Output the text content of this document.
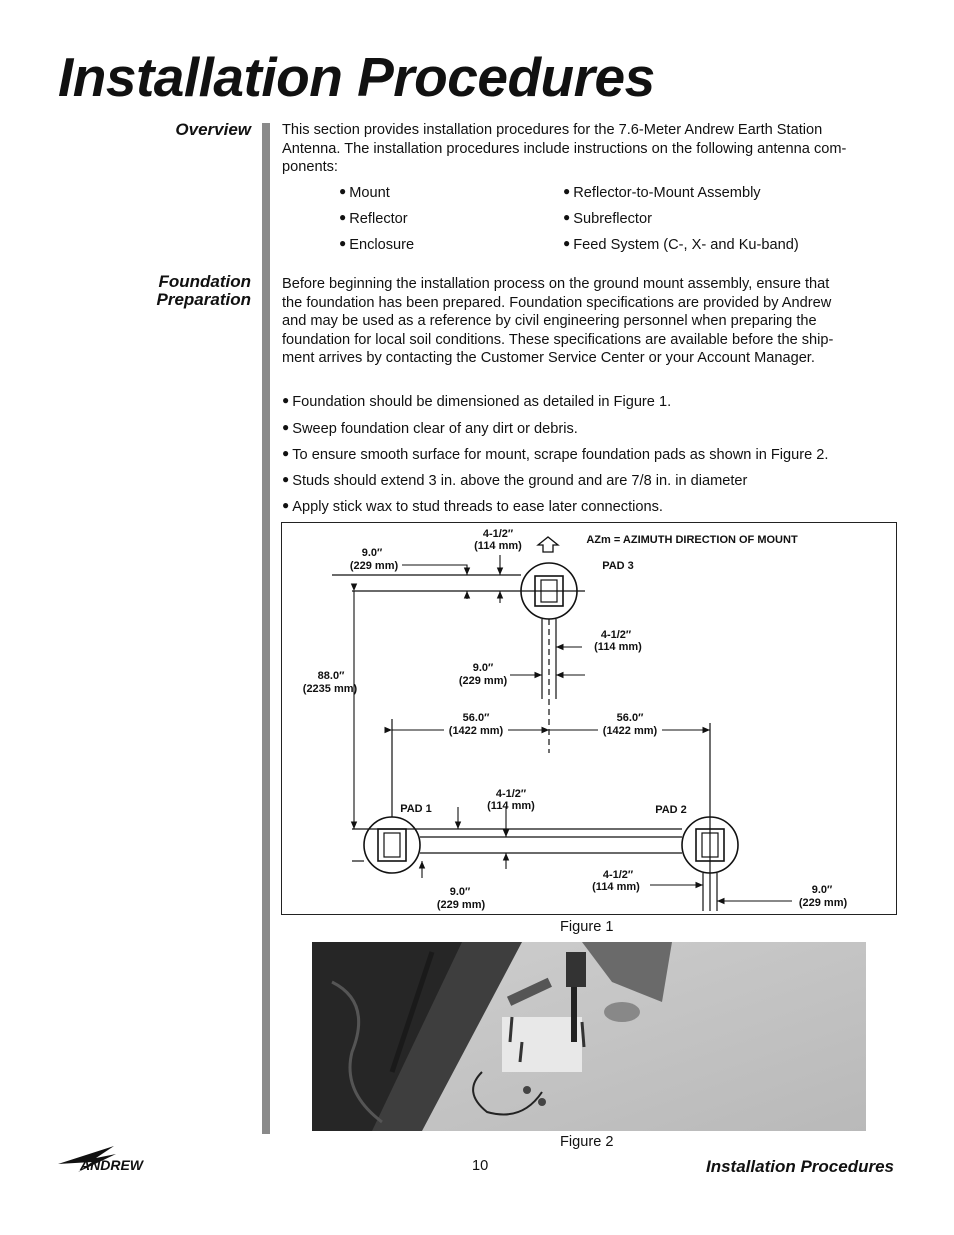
Installation Procedures
Overview This section provides installation procedures for the 7.6-Meter Andrew Earth Station
Antenna. The installation procedures include instructions on the following antenna com-
ponents:
● Mount
● Reflector
● Enclosure
● Reflector-to-Mount Assembly
● Subreflector
● Feed System (C-, X- and Ku-band)
Foundation
Preparation
Before beginning the installation process on the ground mount assembly, ensure that
the foundation has been prepared. Foundation specifications are provided by Andrew
and may be used as a reference by civil engineering personnel when preparing the
foundation for local soil conditions. These specifications are available before the ship-
ment arrives by contacting the Customer Service Center or your Account Manager.
● Foundation should be dimensioned as detailed in Figure 1.
● Sweep foundation clear of any dirt or debris.
● To ensure smooth surface for mount, scrape foundation pads as shown in Figure 2.
● Studs should extend 3 in. above the ground and are 7/8 in. in diameter
● Apply stick wax to stud threads to ease later connections.
4-1/2″
(114 mm)
9.0″
(229 mm)	PAD 3
AZm = AZIMUTH DIRECTION OF MOUNT
4-1/2″
(114 mm)
9.0″
(229 mm)
88.0″
(2235 mm)
56.0″
(1422 mm)
56.0″
(1422 mm)
4-1/2″
(114 mm)
PAD 1	PAD 2
9.0″
(229 mm)
4-1/2″
(114 mm)	9.0″
(229 mm)
Figure 1
Figure 2
ANDREW	10	Installation Procedures
